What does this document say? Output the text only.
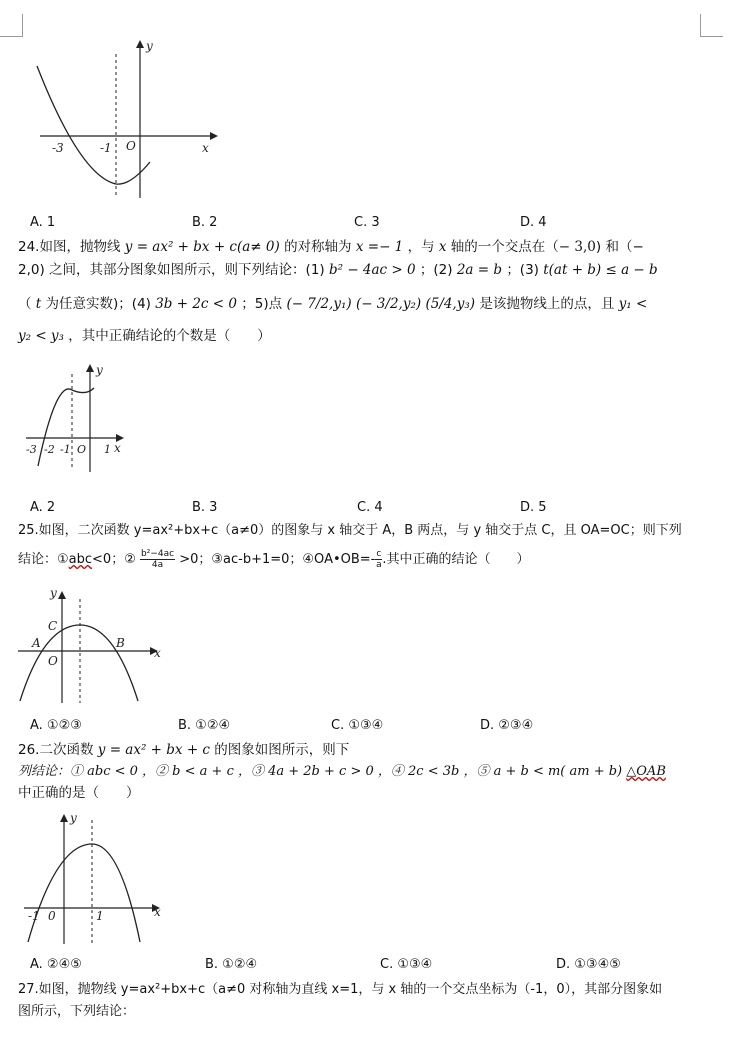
y
x
-3	-1 O
A. 1	B. 2	C. 3	D. 4
24.如图，抛物线 y = ax² + bx + c(a≠ 0) 的对称轴为 x =− 1 ，与 x 轴的一个交点在（− 3,0) 和（−
2,0) 之间，其部分图象如图所示，则下列结论：(1) b² − 4ac > 0 ；(2) 2a = b ；(3) t(at + b) ≤ a − b
（ t 为任意实数)；(4) 3b + 2c < 0 ；5)点 (− 7/2,y₁) (− 3/2,y₂) (5/4,y₃) 是该抛物线上的点，且 y₁ <
y₂ < y₃ ，其中正确结论的个数是（　　）
y
x
-3 -2 -1 O 1
A. 2	B. 3	C. 4	D. 5
25.如图，二次函数 y=ax²+bx+c（a≠0）的图象与 x 轴交于 A，B 两点，与 y 轴交于点 C，且 OA=OC；则下列
结论：①abc<0；② $\frac{\text{b²−4ac}}{4a} >0$；③ac-b+1=0；④OA•OB=- $\frac{c}{a}$ .其中正确的结论（　　）
y
x
C
A
O
B
A. ①②③	B. ①②④	C. ①③④	D. ②③④
26.二次函数 y = ax² + bx + c 的图象如图所示，则下
列结论：① abc < 0 ，② b < a + c ，③ 4a + 2b + c > 0 ，④ 2c < 3b ，⑤ a + b < m( am + b) △OAB
中正确的是（　　）
y
x
-1 0	1
A. ②④⑤	B. ①②④	C. ①③④	D. ①③④⑤
27.如图，抛物线 y=ax²+bx+c（a≠0 对称轴为直线 x=1，与 x 轴的一个交点坐标为（-1，0），其部分图象如
图所示，下列结论：
